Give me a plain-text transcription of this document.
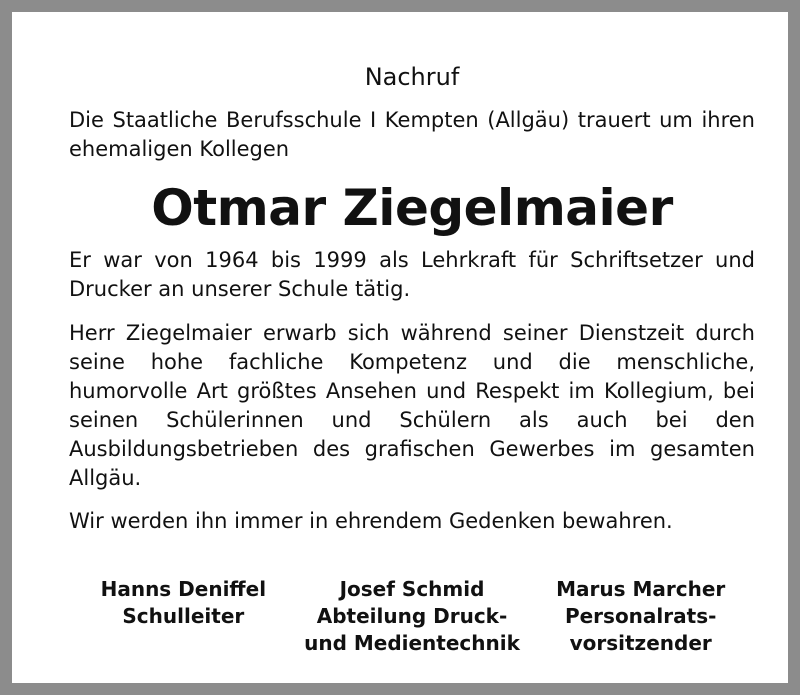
Nachruf

Die Staatliche Berufsschule I Kempten (Allgäu) trauert um ihren ehemaligen Kollegen

Otmar Ziegelmaier

Er war von 1964 bis 1999 als Lehrkraft für Schriftsetzer und Drucker an unserer Schule tätig.

Herr Ziegelmaier erwarb sich während seiner Dienstzeit durch seine hohe fachliche Kompetenz und die menschliche, humorvolle Art größtes Ansehen und Respekt im Kollegium, bei seinen Schülerinnen und Schülern als auch bei den Ausbildungsbetrieben des grafischen Gewerbes im gesamten Allgäu.

Wir werden ihn immer in ehrendem Gedenken bewahren.

Hanns Deniffel
Schulleiter
Josef Schmid
Abteilung Druck-
und Medientechnik
Marus Marcher
Personalrats-
vorsitzender
